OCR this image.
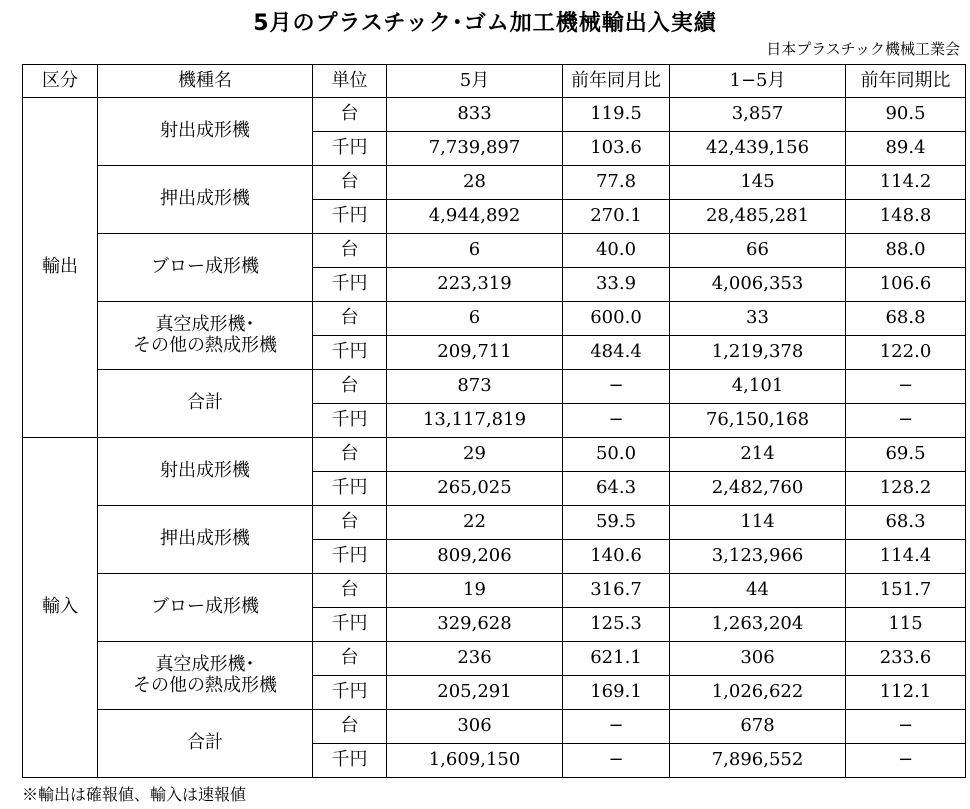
5月のプラスチック･ゴム加工機械輸出入実績
日本プラスチック機械工業会
区分	機種名	単位	5月	前年同月比	1−5月	前年同期比
輸出	射出成形機	台	833	119.5	3,857	90.5
		千円	7,739,897	103.6	42,439,156	89.4

	押出成形機	台	28	77.8	145	114.2
		千円	4,944,892	270.1	28,485,281	148.8

	ブロー成形機	台	6	40.0	66	88.0
		千円	223,319	33.9	4,006,353	106.6

	真空成形機･
その他の熱成形機	台	6	600.0	33	68.8
		千円	209,711	484.4	1,219,378	122.0

	合計	台	873	−	4,101	−
		千円	13,117,819	−	76,150,168	−
輸入	射出成形機	台	29	50.0	214	69.5
		千円	265,025	64.3	2,482,760	128.2

	押出成形機	台	22	59.5	114	68.3
		千円	809,206	140.6	3,123,966	114.4

	ブロー成形機	台	19	316.7	44	151.7
		千円	329,628	125.3	1,263,204	115

	真空成形機･
その他の熱成形機	台	236	621.1	306	233.6
		千円	205,291	169.1	1,026,622	112.1

	合計	台	306	−	678	−
		千円	1,609,150	−	7,896,552	−
※輸出は確報値、輸入は速報値
